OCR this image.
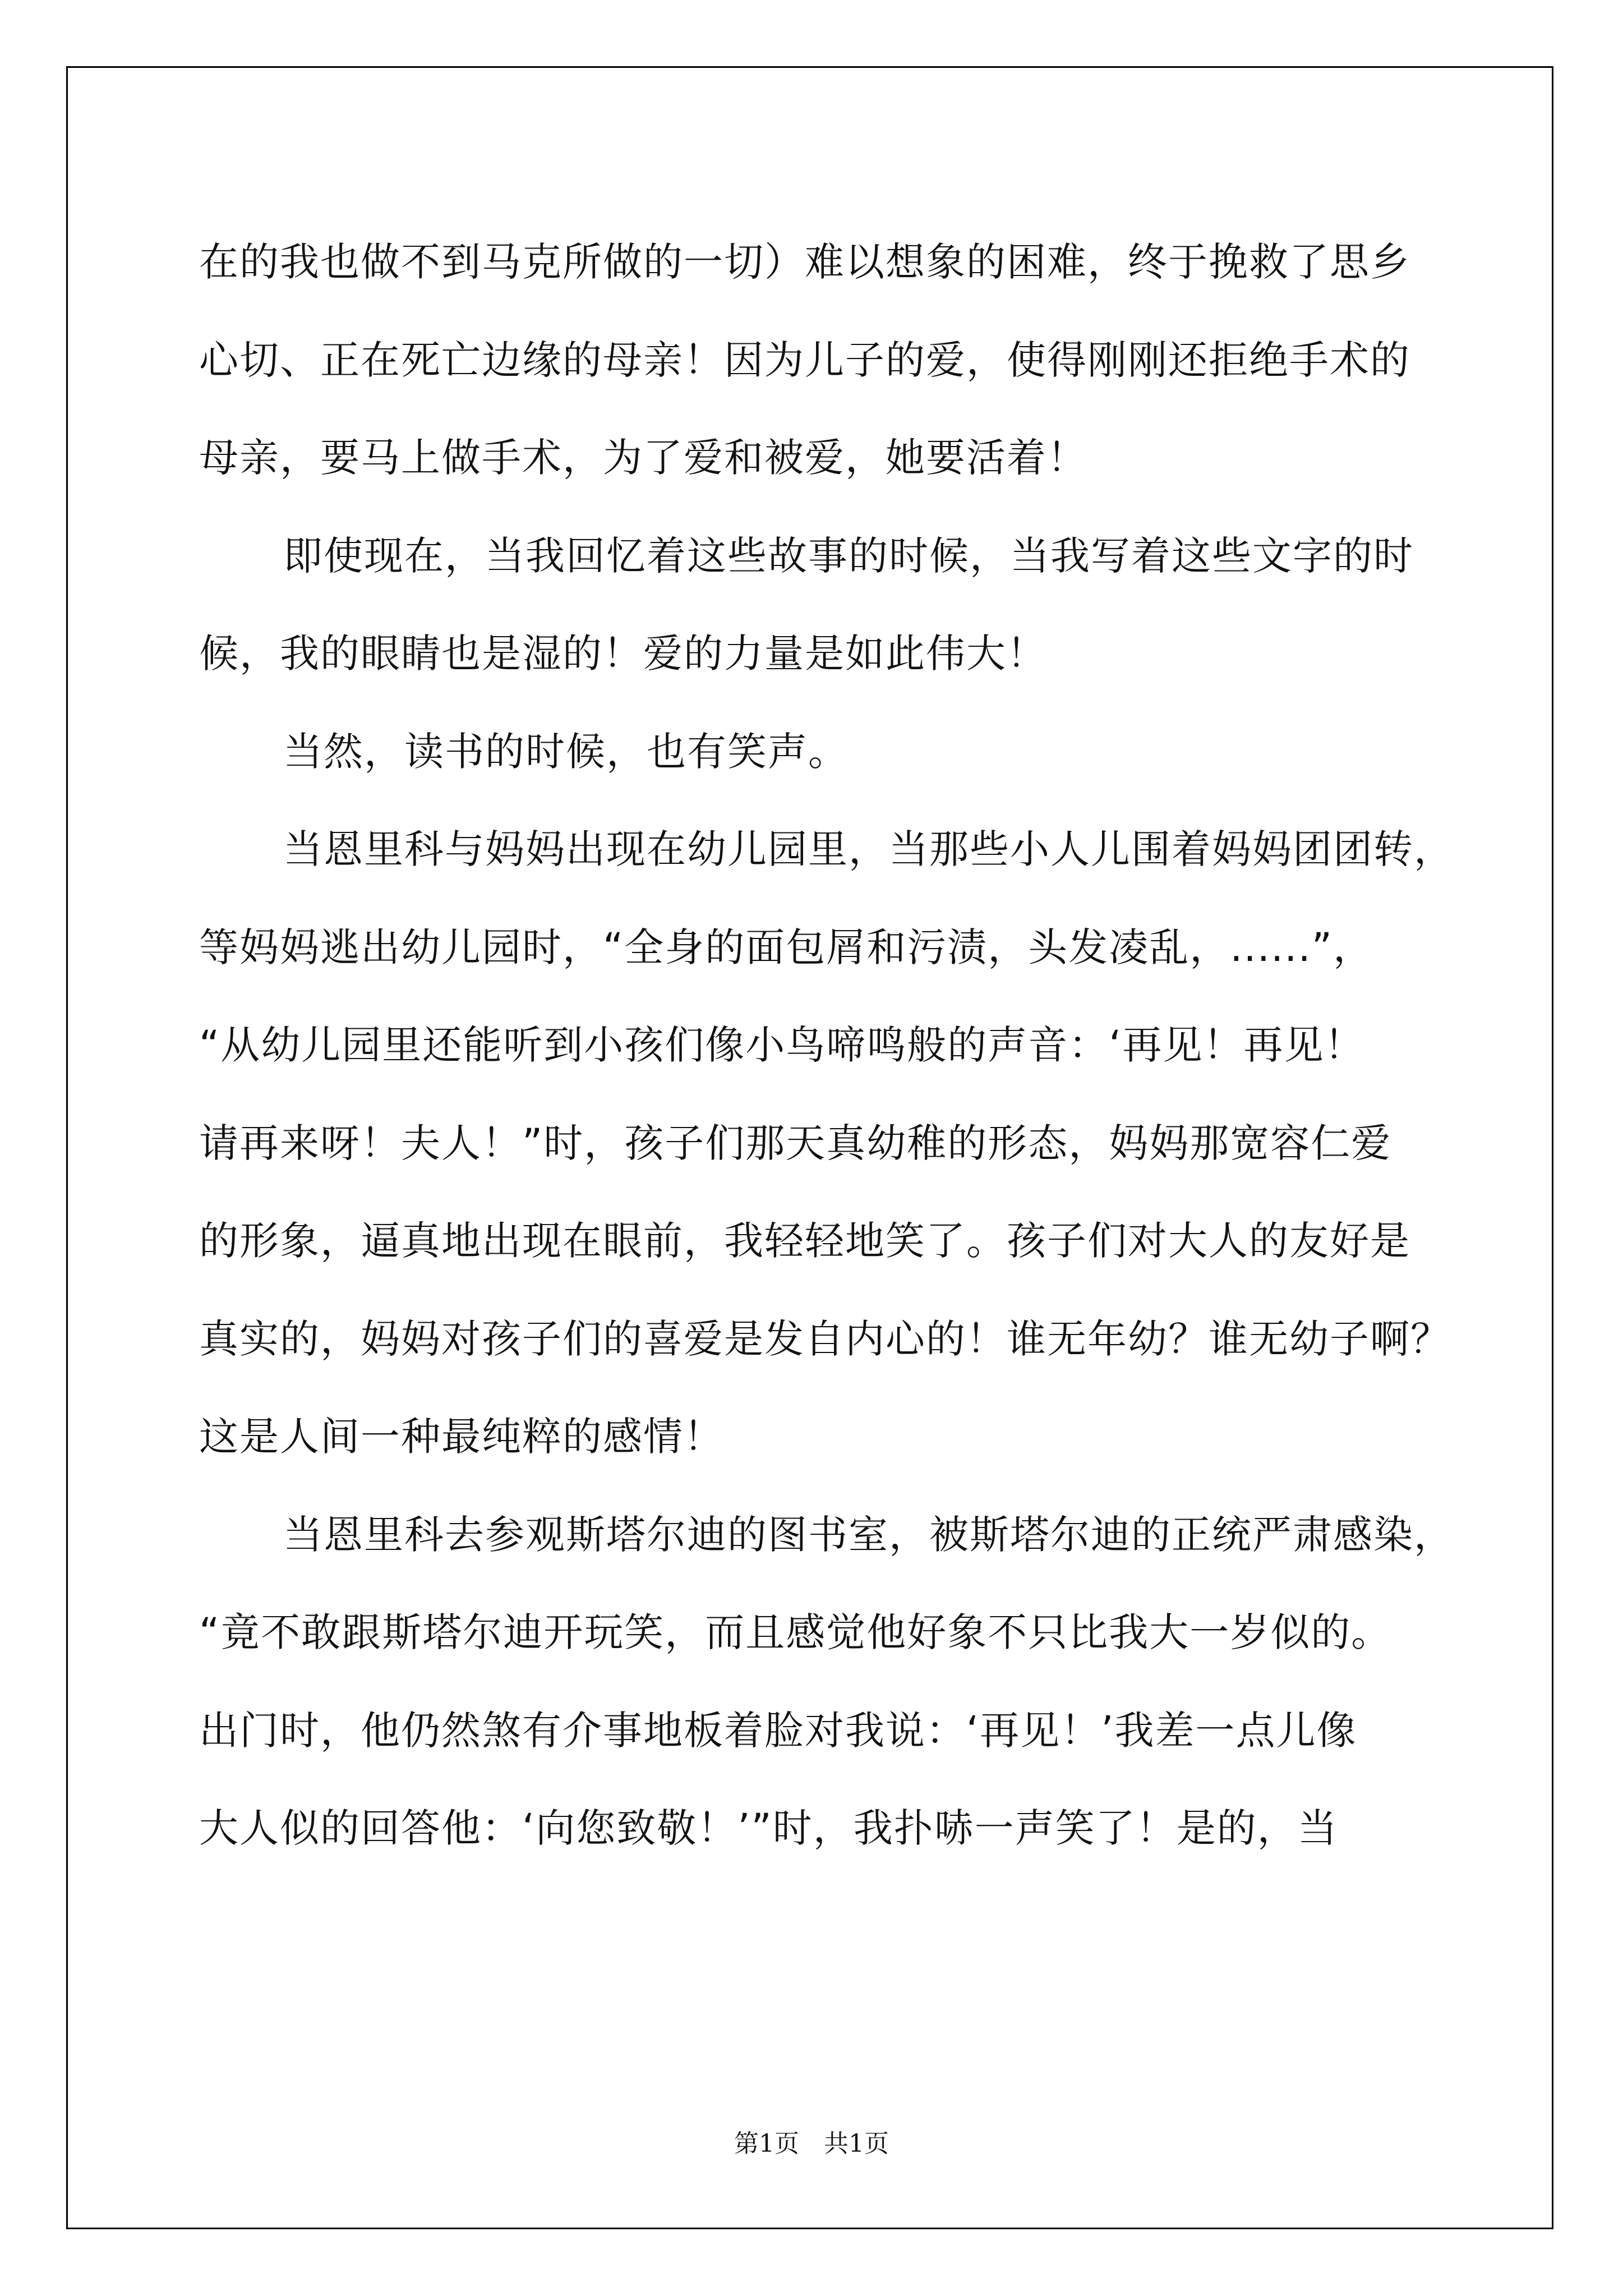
在的我也做不到马克所做的一切）难以想象的困难，终于挽救了思乡
心切、正在死亡边缘的母亲！因为儿子的爱，使得刚刚还拒绝手术的
母亲，要马上做手术，为了爱和被爱，她要活着！
即使现在，当我回忆着这些故事的时候，当我写着这些文字的时
候，我的眼睛也是湿的！爱的力量是如此伟大！
当然，读书的时候，也有笑声。
当恩里科与妈妈出现在幼儿园里，当那些小人儿围着妈妈团团转，
等妈妈逃出幼儿园时，“全身的面包屑和污渍，头发凌乱，......”，
“从幼儿园里还能听到小孩们像小鸟啼鸣般的声音：‘再见！再见！
请再来呀！夫人！”时，孩子们那天真幼稚的形态，妈妈那宽容仁爱
的形象，逼真地出现在眼前，我轻轻地笑了。孩子们对大人的友好是
真实的，妈妈对孩子们的喜爱是发自内心的！谁无年幼？谁无幼子啊？
这是人间一种最纯粹的感情！
当恩里科去参观斯塔尔迪的图书室，被斯塔尔迪的正统严肃感染，
“竟不敢跟斯塔尔迪开玩笑，而且感觉他好象不只比我大一岁似的。
出门时，他仍然煞有介事地板着脸对我说：‘再见！’我差一点儿像
大人似的回答他：‘向您致敬！’”时，我扑哧一声笑了！是的，当
第1页　共1页
